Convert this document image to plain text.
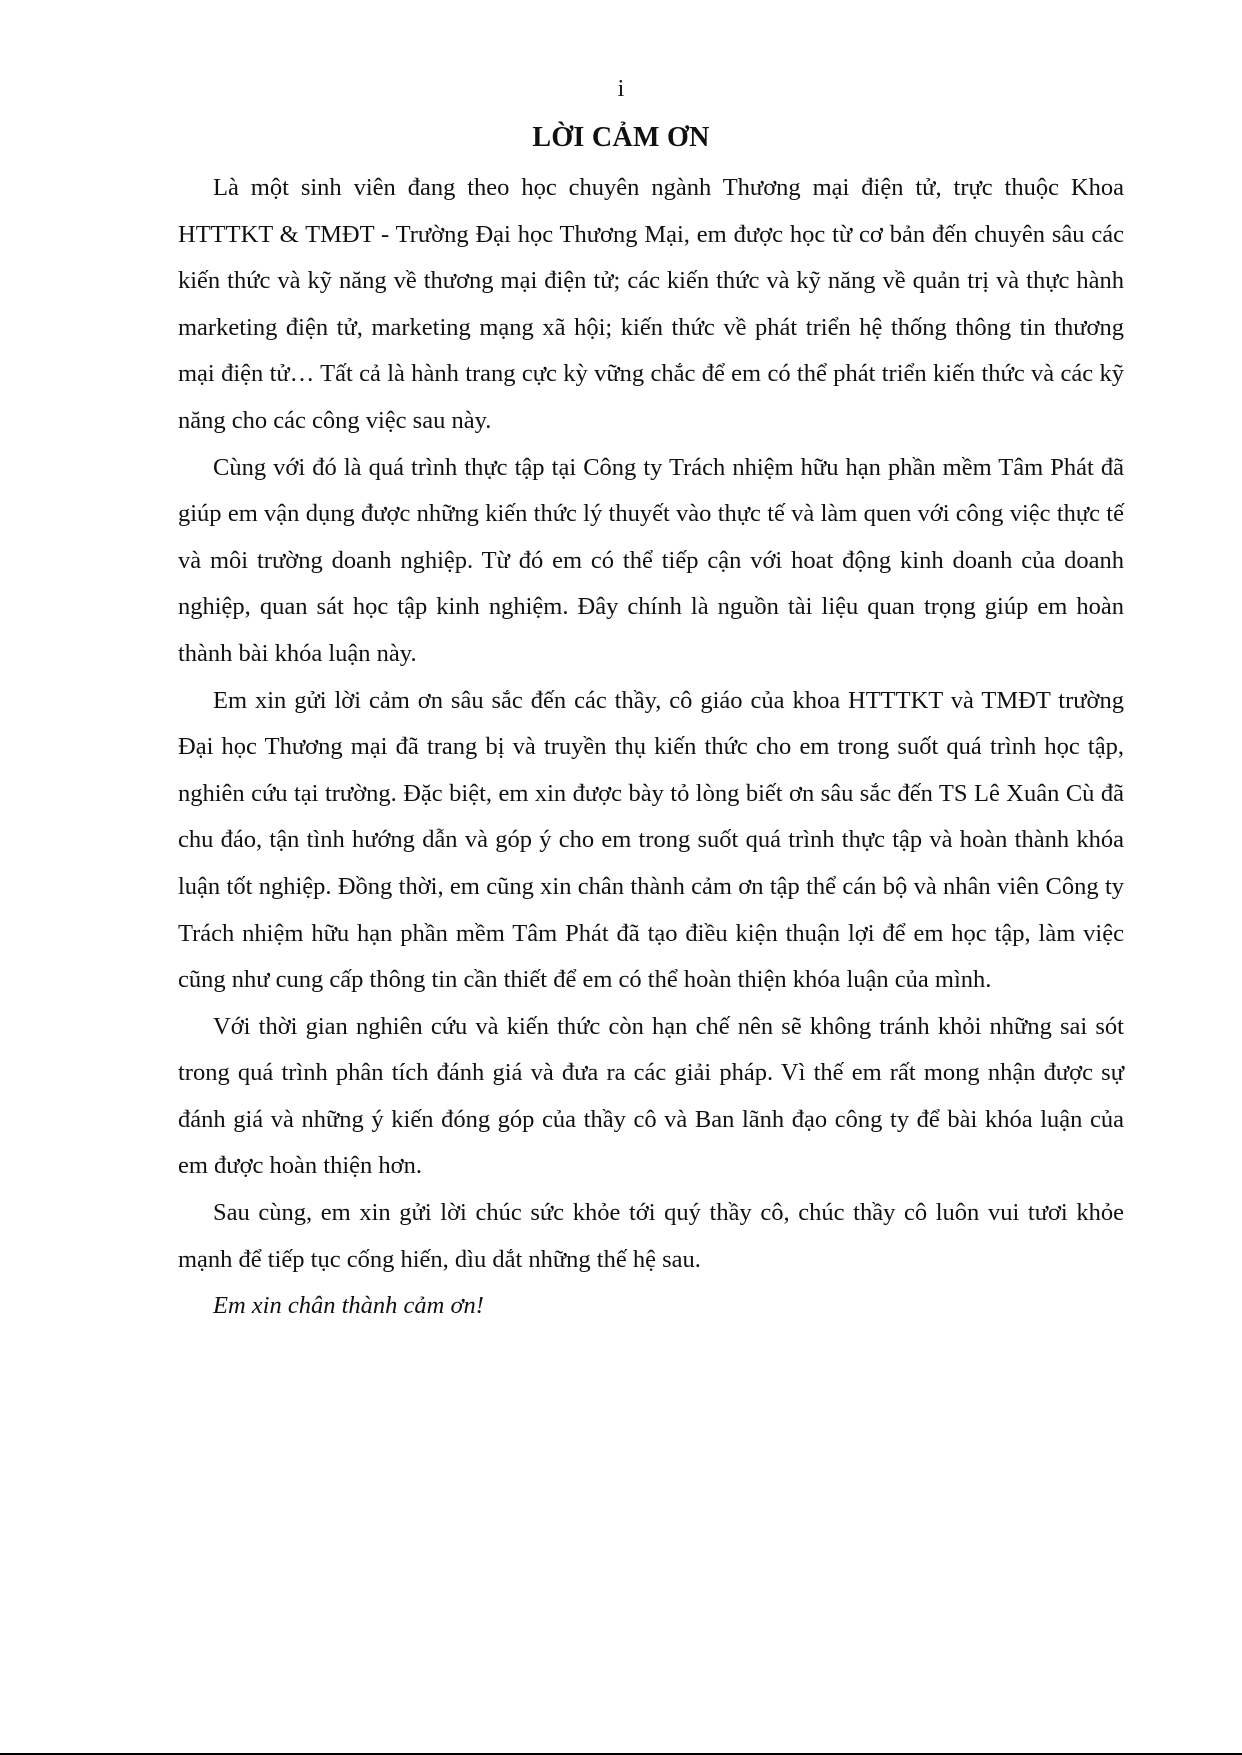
i
LỜI CẢM ƠN

Là một sinh viên đang theo học chuyên ngành Thương mại điện tử, trực thuộc Khoa HTTTKT & TMĐT - Trường Đại học Thương Mại, em được học từ cơ bản đến chuyên sâu các kiến thức và kỹ năng về thương mại điện tử; các kiến thức và kỹ năng về quản trị và thực hành marketing điện tử, marketing mạng xã hội; kiến thức về phát triển hệ thống thông tin thương mại điện tử… Tất cả là hành trang cực kỳ vững chắc để em có thể phát triển kiến thức và các kỹ năng cho các công việc sau này.

Cùng với đó là quá trình thực tập tại Công ty Trách nhiệm hữu hạn phần mềm Tâm Phát đã giúp em vận dụng được những kiến thức lý thuyết vào thực tế và làm quen với công việc thực tế và môi trường doanh nghiệp. Từ đó em có thể tiếp cận với hoat động kinh doanh của doanh nghiệp, quan sát học tập kinh nghiệm. Đây chính là nguồn tài liệu quan trọng giúp em hoàn thành bài khóa luận này.

Em xin gửi lời cảm ơn sâu sắc đến các thầy, cô giáo của khoa HTTTKT và TMĐT trường Đại học Thương mại đã trang bị và truyền thụ kiến thức cho em trong suốt quá trình học tập, nghiên cứu tại trường. Đặc biệt, em xin được bày tỏ lòng biết ơn sâu sắc đến TS Lê Xuân Cù đã chu đáo, tận tình hướng dẫn và góp ý cho em trong suốt quá trình thực tập và hoàn thành khóa luận tốt nghiệp. Đồng thời, em cũng xin chân thành cảm ơn tập thể cán bộ và nhân viên Công ty Trách nhiệm hữu hạn phần mềm Tâm Phát đã tạo điều kiện thuận lợi để em học tập, làm việc cũng như cung cấp thông tin cần thiết để em có thể hoàn thiện khóa luận của mình.

Với thời gian nghiên cứu và kiến thức còn hạn chế nên sẽ không tránh khỏi những sai sót trong quá trình phân tích đánh giá và đưa ra các giải pháp. Vì thế em rất mong nhận được sự đánh giá và những ý kiến đóng góp của thầy cô và Ban lãnh đạo công ty để bài khóa luận của em được hoàn thiện hơn.

Sau cùng, em xin gửi lời chúc sức khỏe tới quý thầy cô, chúc thầy cô luôn vui tươi khỏe mạnh để tiếp tục cống hiến, dìu dắt những thế hệ sau.

Em xin chân thành cảm ơn!
